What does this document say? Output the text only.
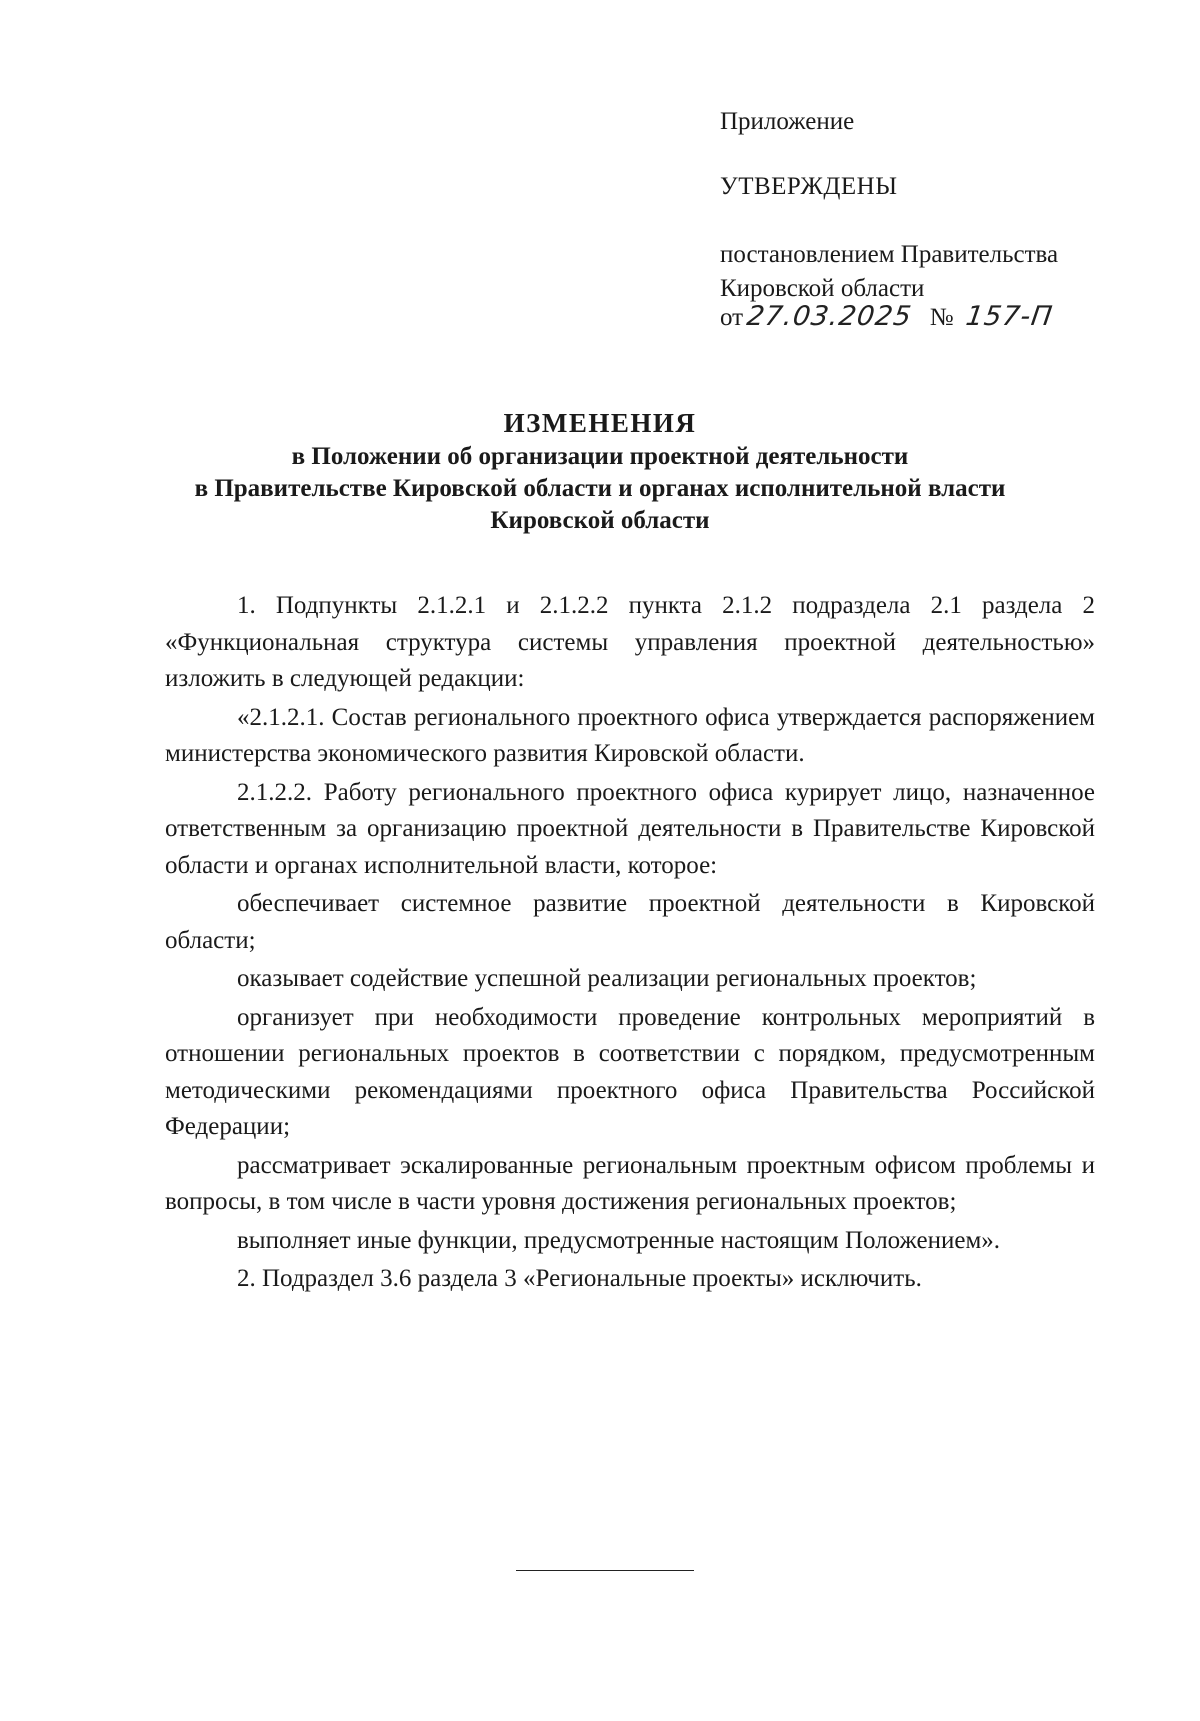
Приложение
УТВЕРЖДЕНЫ
постановлением Правительства
Кировской области
от27.03.2025 № 157-П
ИЗМЕНЕНИЯ
в Положении об организации проектной деятельности
в Правительстве Кировской области и органах исполнительной власти
Кировской области

1. Подпункты 2.1.2.1 и 2.1.2.2 пункта 2.1.2 подраздела 2.1 раздела 2 «Функциональная структура системы управления проектной деятельностью» изложить в следующей редакции:

«2.1.2.1. Состав регионального проектного офиса утверждается распоряжением министерства экономического развития Кировской области.

2.1.2.2. Работу регионального проектного офиса курирует лицо, назначенное ответственным за организацию проектной деятельности в Правительстве Кировской области и органах исполнительной власти, которое:

обеспечивает системное развитие проектной деятельности в Кировской области;

оказывает содействие успешной реализации региональных проектов;

организует при необходимости проведение контрольных мероприятий в отношении региональных проектов в соответствии с порядком, предусмотренным методическими рекомендациями проектного офиса Правительства Российской Федерации;

рассматривает эскалированные региональным проектным офисом проблемы и вопросы, в том числе в части уровня достижения региональных проектов;

выполняет иные функции, предусмотренные настоящим Положением».

2. Подраздел 3.6 раздела 3 «Региональные проекты» исключить.
